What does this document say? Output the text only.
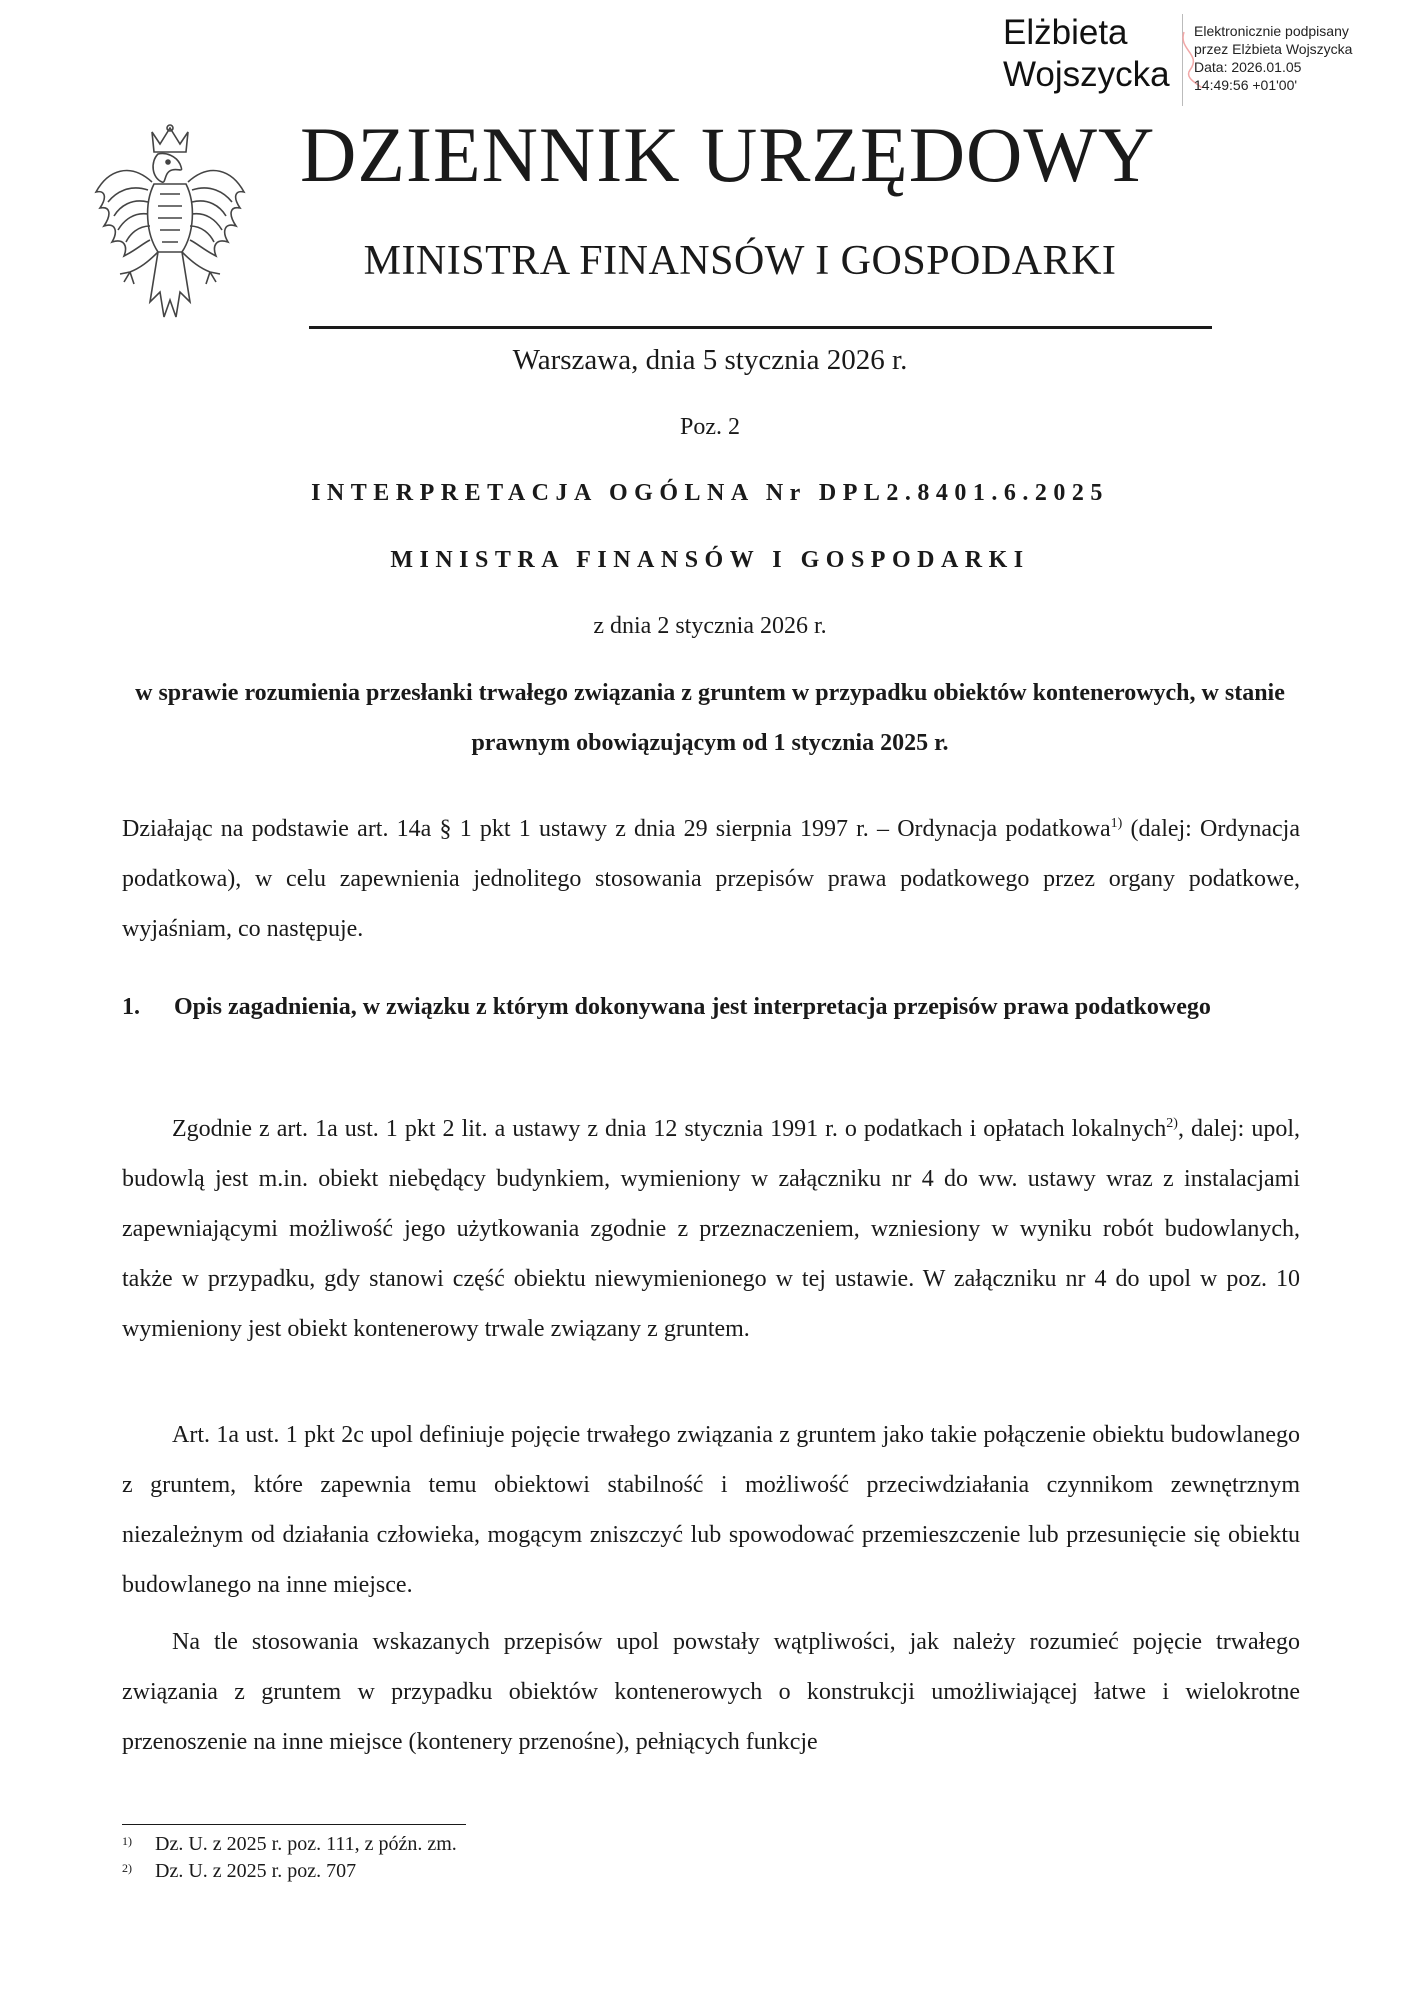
Elżbieta
Wojszycka
Elektronicznie podpisany
przez Elżbieta Wojszycka
Data: 2026.01.05
14:49:56 +01'00'
DZIENNIK URZĘDOWY
MINISTRA FINANSÓW I GOSPODARKI
Warszawa, dnia 5 stycznia 2026 r.
Poz. 2
INTERPRETACJA OGÓLNA Nr DPL2.8401.6.2025
MINISTRA FINANSÓW I GOSPODARKI
z dnia 2 stycznia 2026 r.
w sprawie rozumienia przesłanki trwałego związania z gruntem w przypadku obiektów kontenerowych, w stanie prawnym obowiązującym od 1 stycznia 2025 r.
Działając na podstawie art. 14a § 1 pkt 1 ustawy z dnia 29 sierpnia 1997 r. – Ordynacja podatkowa$^{1)}$ (dalej: Ordynacja podatkowa), w celu zapewnienia jednolitego stosowania przepisów prawa podatkowego przez organy podatkowe, wyjaśniam, co następuje.
1.	Opis zagadnienia, w związku z którym dokonywana jest interpretacja przepisów prawa podatkowego
Zgodnie z art. 1a ust. 1 pkt 2 lit. a ustawy z dnia 12 stycznia 1991 r. o podatkach i opłatach lokalnych$^{2)}$, dalej: upol, budowlą jest m.in. obiekt niebędący budynkiem, wymieniony w załączniku nr 4 do ww. ustawy wraz z instalacjami zapewniającymi możliwość jego użytkowania zgodnie z przeznaczeniem, wzniesiony w wyniku robót budowlanych, także w przypadku, gdy stanowi część obiektu niewymienionego w tej ustawie. W załączniku nr 4 do upol w poz. 10 wymieniony jest obiekt kontenerowy trwale związany z gruntem.
Art. 1a ust. 1 pkt 2c upol definiuje pojęcie trwałego związania z gruntem jako takie połączenie obiektu budowlanego z gruntem, które zapewnia temu obiektowi stabilność i możliwość przeciwdziałania czynnikom zewnętrznym niezależnym od działania człowieka, mogącym zniszczyć lub spowodować przemieszczenie lub przesunięcie się obiektu budowlanego na inne miejsce.
Na tle stosowania wskazanych przepisów upol powstały wątpliwości, jak należy rozumieć pojęcie trwałego związania z gruntem w przypadku obiektów kontenerowych o konstrukcji umożliwiającej łatwe i wielokrotne przenoszenie na inne miejsce (kontenery przenośne), pełniących funkcje
1)	Dz. U. z 2025 r. poz. 111, z późn. zm.
2)	Dz. U. z 2025 r. poz. 707
